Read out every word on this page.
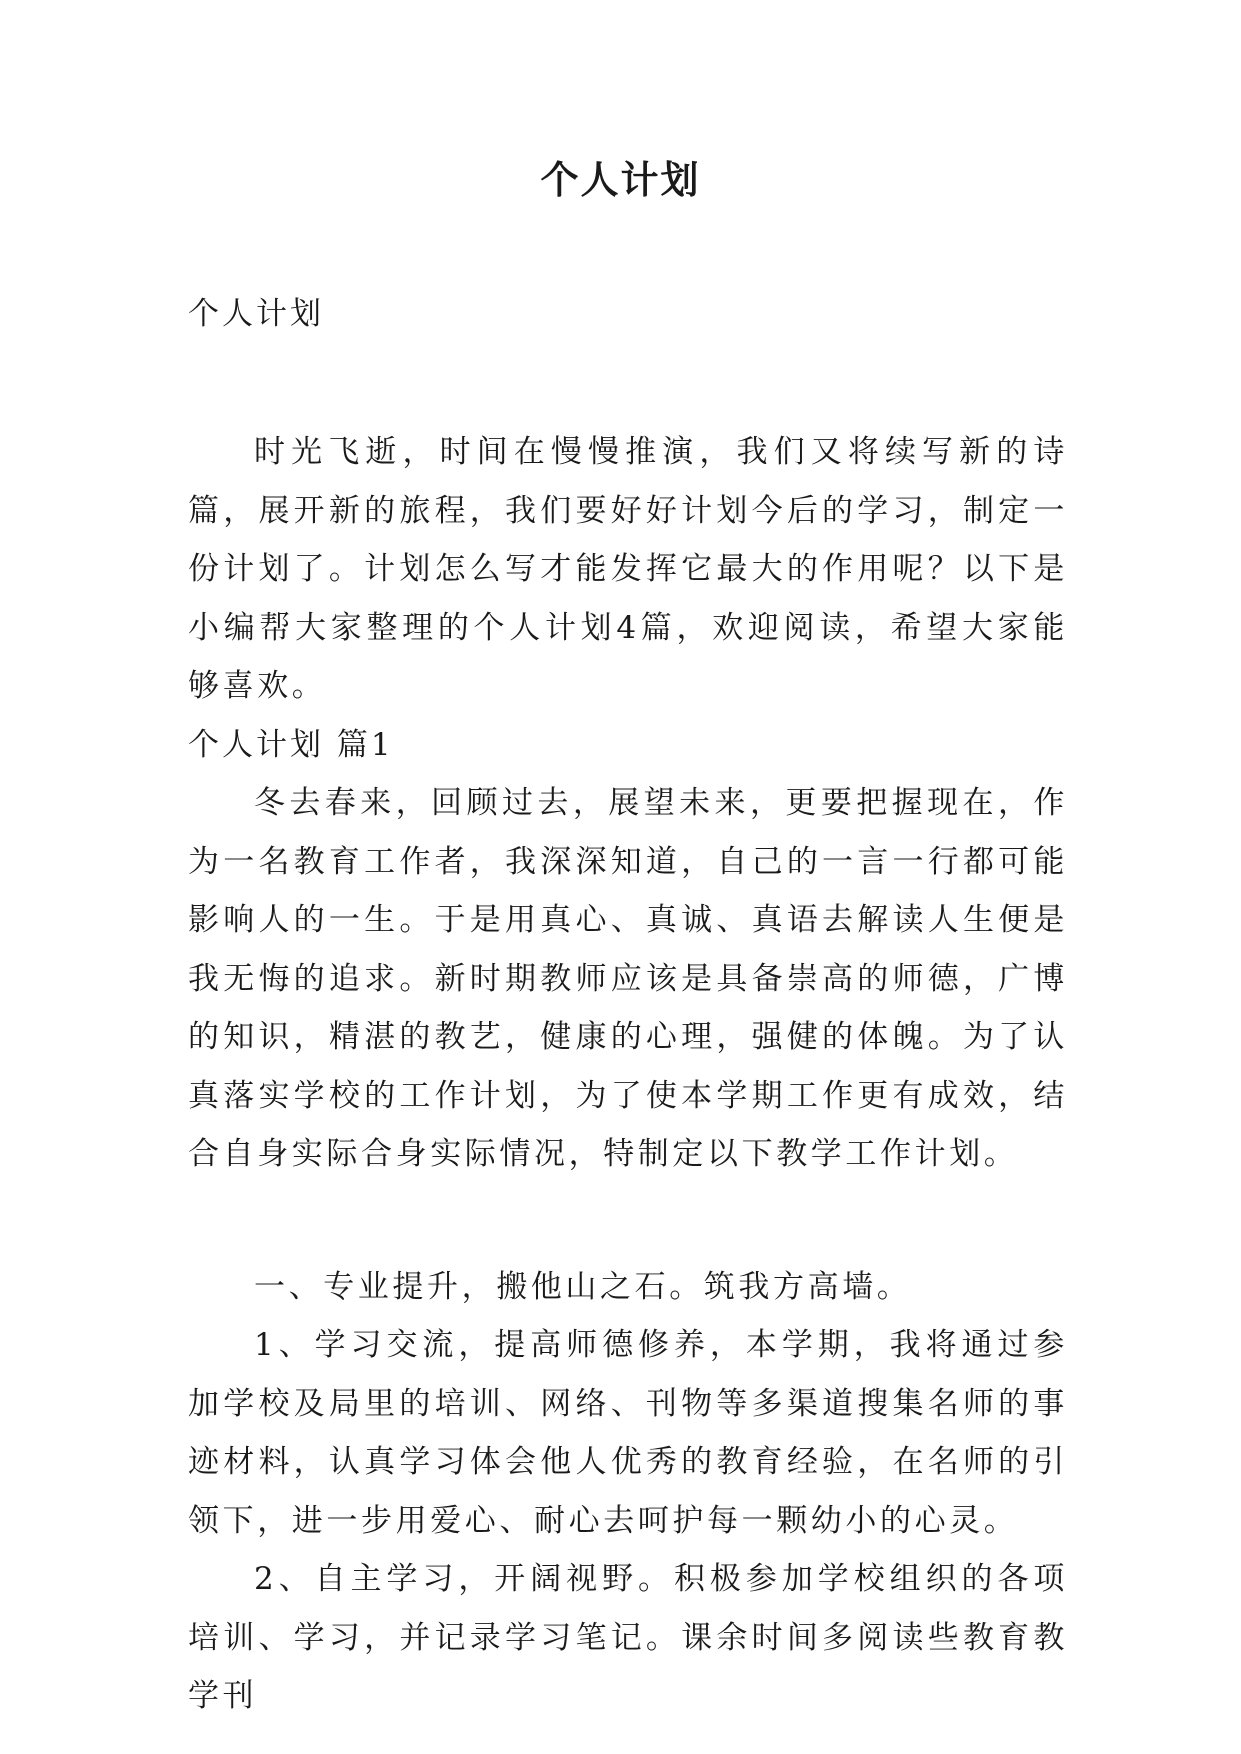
个人计划

个人计划

时光飞逝，时间在慢慢推演，我们又将续写新的诗篇，展开新的旅程，我们要好好计划今后的学习，制定一份计划了。计划怎么写才能发挥它最大的作用呢？以下是小编帮大家整理的个人计划4篇，欢迎阅读，希望大家能够喜欢。

个人计划 篇1

冬去春来，回顾过去，展望未来，更要把握现在，作为一名教育工作者，我深深知道，自己的一言一行都可能影响人的一生。于是用真心、真诚、真语去解读人生便是我无悔的追求。新时期教师应该是具备崇高的师德，广博的知识，精湛的教艺，健康的心理，强健的体魄。为了认真落实学校的工作计划，为了使本学期工作更有成效，结合自身实际合身实际情况，特制定以下教学工作计划。

一、专业提升，搬他山之石。筑我方高墙。

1、学习交流，提高师德修养，本学期，我将通过参加学校及局里的培训、网络、刊物等多渠道搜集名师的事迹材料，认真学习体会他人优秀的教育经验，在名师的引领下，进一步用爱心、耐心去呵护每一颗幼小的心灵。

2、自主学习，开阔视野。积极参加学校组织的各项培训、学习，并记录学习笔记。课余时间多阅读些教育教学刊
